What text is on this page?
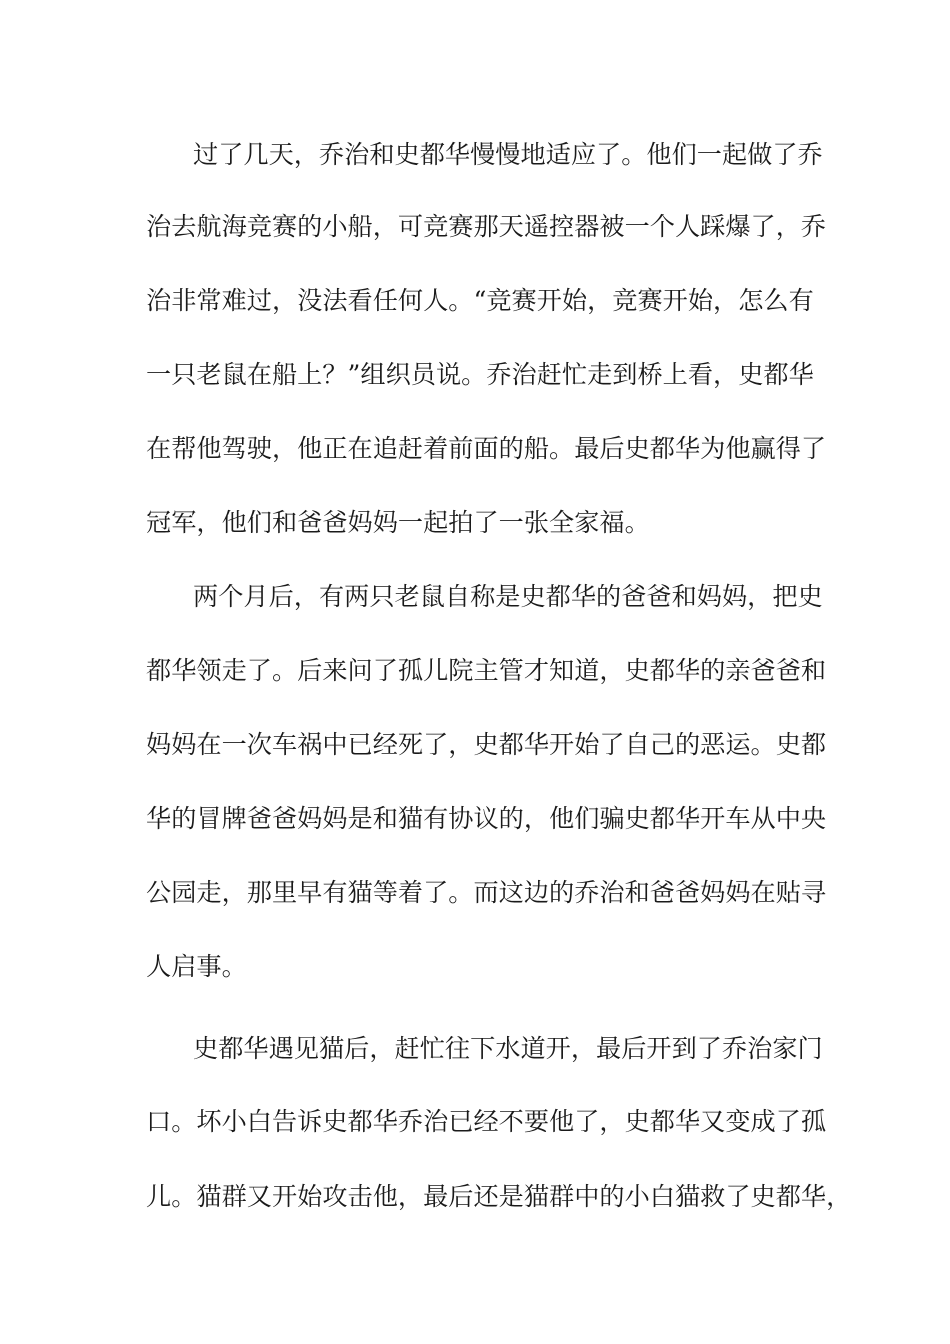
过了几天，乔治和史都华慢慢地适应了。他们一起做了乔
治去航海竞赛的小船，可竞赛那天遥控器被一个人踩爆了，乔
治非常难过，没法看任何人。“竞赛开始，竞赛开始，怎么有
一只老鼠在船上？”组织员说。乔治赶忙走到桥上看，史都华
在帮他驾驶，他正在追赶着前面的船。最后史都华为他赢得了
冠军，他们和爸爸妈妈一起拍了一张全家福。
两个月后，有两只老鼠自称是史都华的爸爸和妈妈，把史
都华领走了。后来问了孤儿院主管才知道，史都华的亲爸爸和
妈妈在一次车祸中已经死了，史都华开始了自己的恶运。史都
华的冒牌爸爸妈妈是和猫有协议的，他们骗史都华开车从中央
公园走，那里早有猫等着了。而这边的乔治和爸爸妈妈在贴寻
人启事。
史都华遇见猫后，赶忙往下水道开，最后开到了乔治家门
口。坏小白告诉史都华乔治已经不要他了，史都华又变成了孤
儿。猫群又开始攻击他，最后还是猫群中的小白猫救了史都华，
